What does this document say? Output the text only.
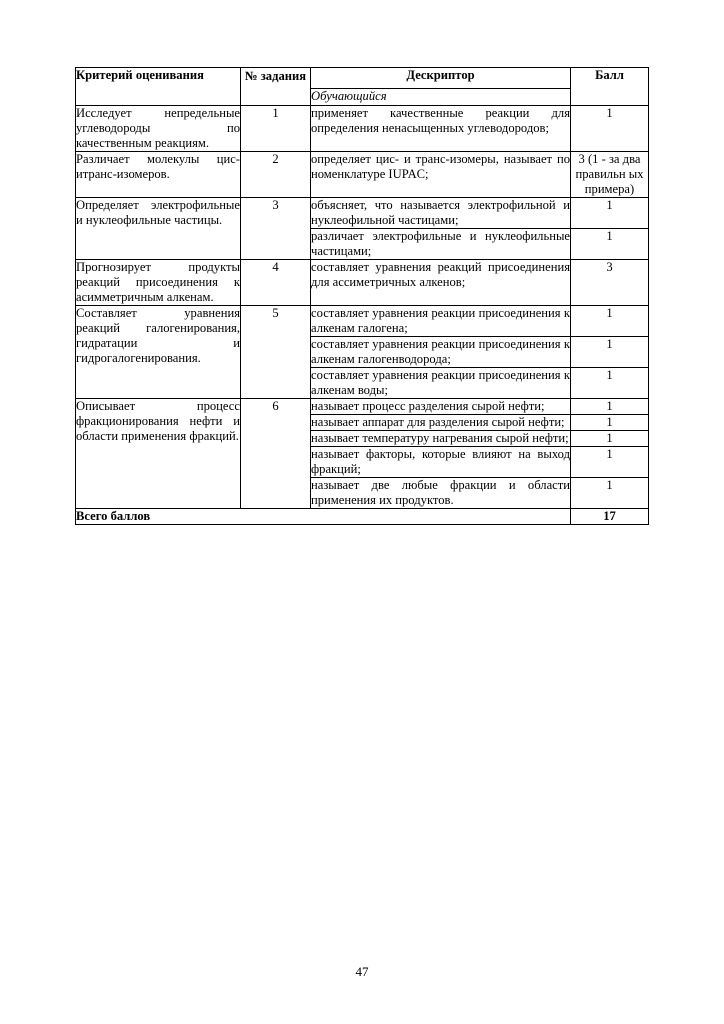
Критерий оценивания	№ задания	Дескриптор	Балл
		Обучающийся	
Исследует непредельные углеводороды по качественным реакциям.	1	применяет качественные реакции для определения ненасыщенных углеводородов;	1
Различает молекулы цис- итранс-изомеров.	2	определяет цис- и транс-изомеры, называет по номенклатуре IUPAC;	3 (1 - за два правильн ых примера)
Определяет электрофильные и нуклеофильные частицы.	3	объясняет, что называется электрофильной и нуклеофильной частицами;	1
		различает электрофильные и нуклеофильные частицами;	1
Прогнозирует продукты реакций присоединения к асимметричным алкенам.	4	составляет уравнения реакций присоединения для ассиметричных алкенов;	3
Составляет уравнения реакций галогенирования, гидратации и гидрогалогенирования.	5	составляет уравнения реакции присоединения к алкенам галогена;	1
		составляет уравнения реакции присоединения к алкенам галогенводорода;	1
		составляет уравнения реакции присоединения к алкенам воды;	1
Описывает процесс фракционирования нефти и области применения фракций.	6	называет процесс разделения сырой нефти;	1
		называет аппарат для разделения сырой нефти;	1
		называет температуру нагревания сырой нефти;	1
		называет факторы, которые влияют на выход фракций;	1
		называет две любые фракции и области применения их продуктов.	1
Всего баллов			17
47
